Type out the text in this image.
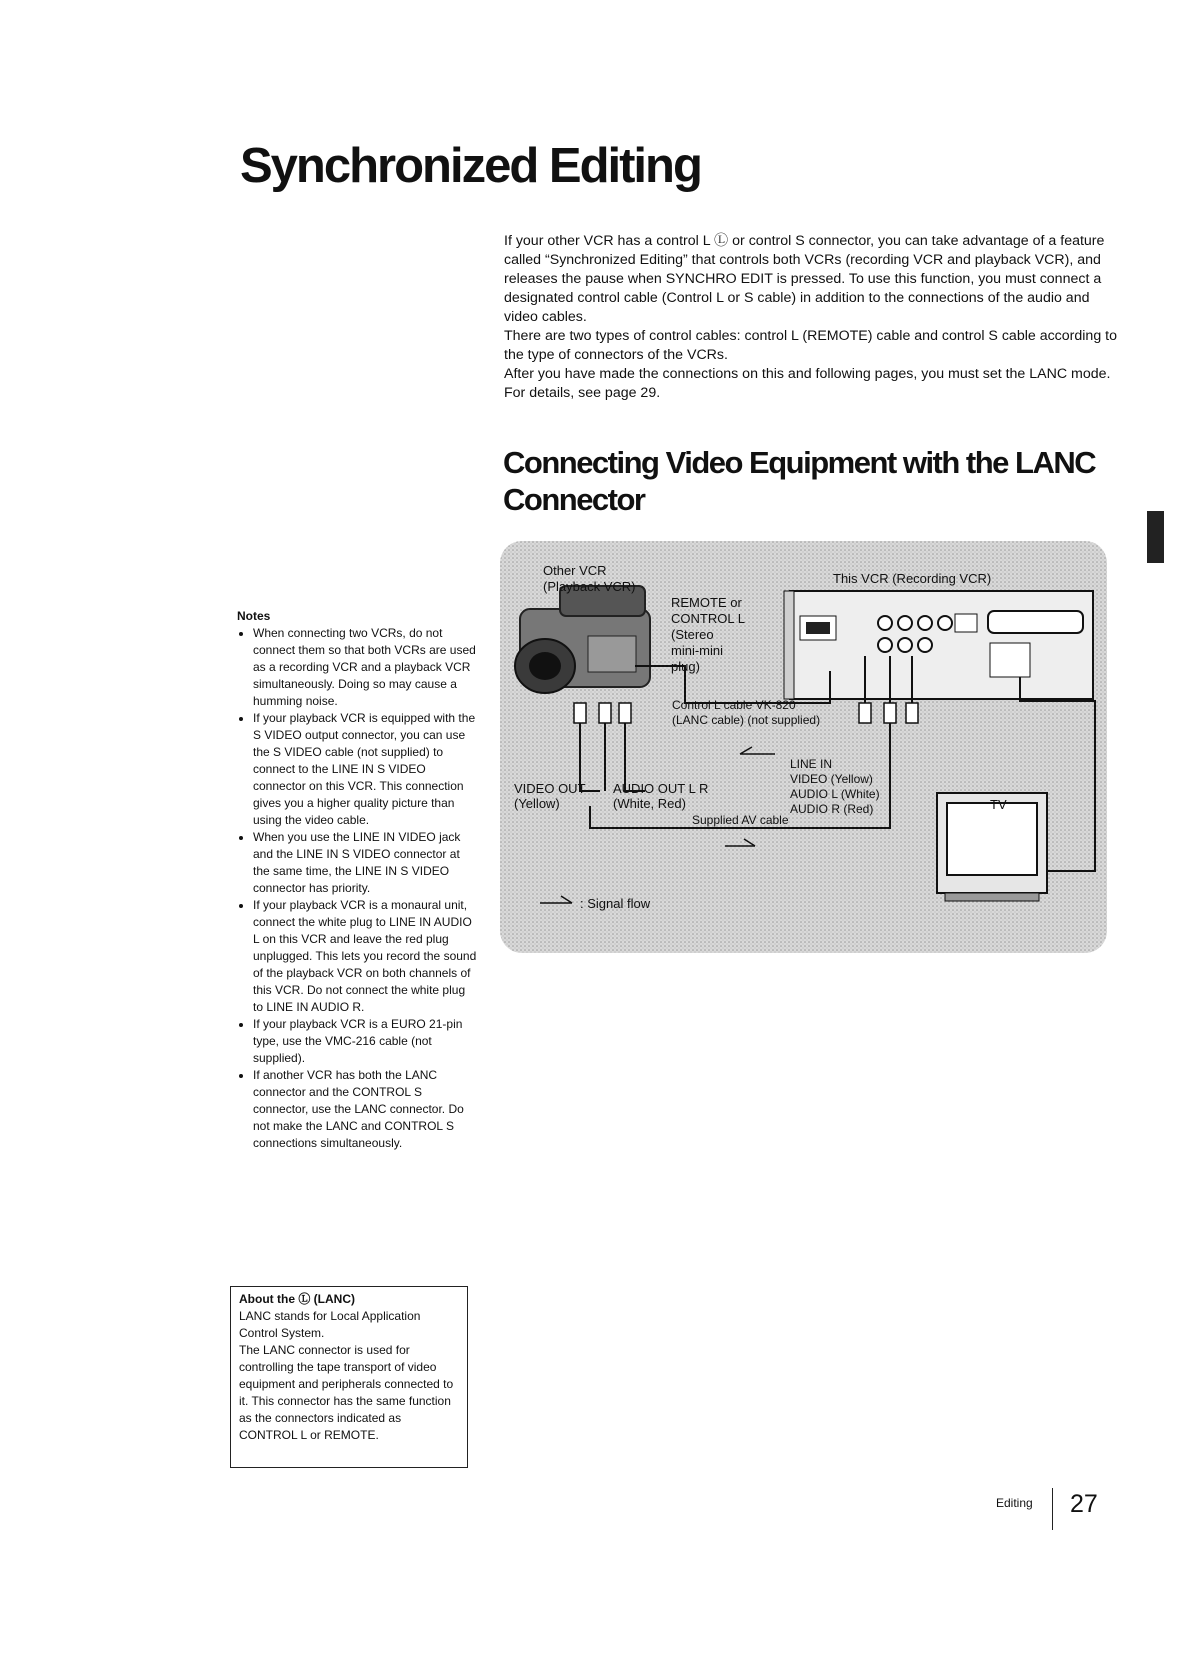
Synchronized Editing

If your other VCR has a control L Ⓛ or control S connector, you can take advantage of a feature called “Synchronized Editing” that controls both VCRs (recording VCR and playback VCR), and releases the pause when SYNCHRO EDIT is pressed. To use this function, you must connect a designated control cable (Control L or S cable) in addition to the connections of the audio and video cables.

There are two types of control cables: control L (REMOTE) cable and control S cable according to the type of connectors of the VCRs.

After you have made the connections on this and following pages, you must set the LANC mode. For details, see page 29.

Connecting Video Equipment with the LANC Connector
Other VCR
(Playback VCR)
This VCR (Recording VCR)
REMOTE or
CONTROL L
(Stereo
mini-mini
plug)
Control L cable VK-820
(LANC cable) (not supplied)
LINE IN
VIDEO (Yellow)
AUDIO L (White)
AUDIO R (Red)
VIDEO OUT
(Yellow)
AUDIO OUT L R
(White, Red)
Supplied AV cable
TV
: Signal flow

Notes

• When connecting two VCRs, do not connect them so that both VCRs are used as a recording VCR and a playback VCR simultaneously. Doing so may cause a humming noise.
• If your playback VCR is equipped with the S VIDEO output connector, you can use the S VIDEO cable (not supplied) to connect to the LINE IN S VIDEO connector on this VCR. This connection gives you a higher quality picture than using the video cable.
• When you use the LINE IN VIDEO jack and the LINE IN S VIDEO connector at the same time, the LINE IN S VIDEO connector has priority.
• If your playback VCR is a monaural unit, connect the white plug to LINE IN AUDIO L on this VCR and leave the red plug unplugged. This lets you record the sound of the playback VCR on both channels of this VCR. Do not connect the white plug to LINE IN AUDIO R.
• If your playback VCR is a EURO 21-pin type, use the VMC-216 cable (not supplied).
• If another VCR has both the LANC connector and the CONTROL S connector, use the LANC connector. Do not make the LANC and CONTROL S connections simultaneously.

About the Ⓛ (LANC)

LANC stands for Local Application Control System.

The LANC connector is used for controlling the tape transport of video equipment and peripherals connected to it. This connector has the same function as the connectors indicated as CONTROL L or REMOTE.

Editing 27
